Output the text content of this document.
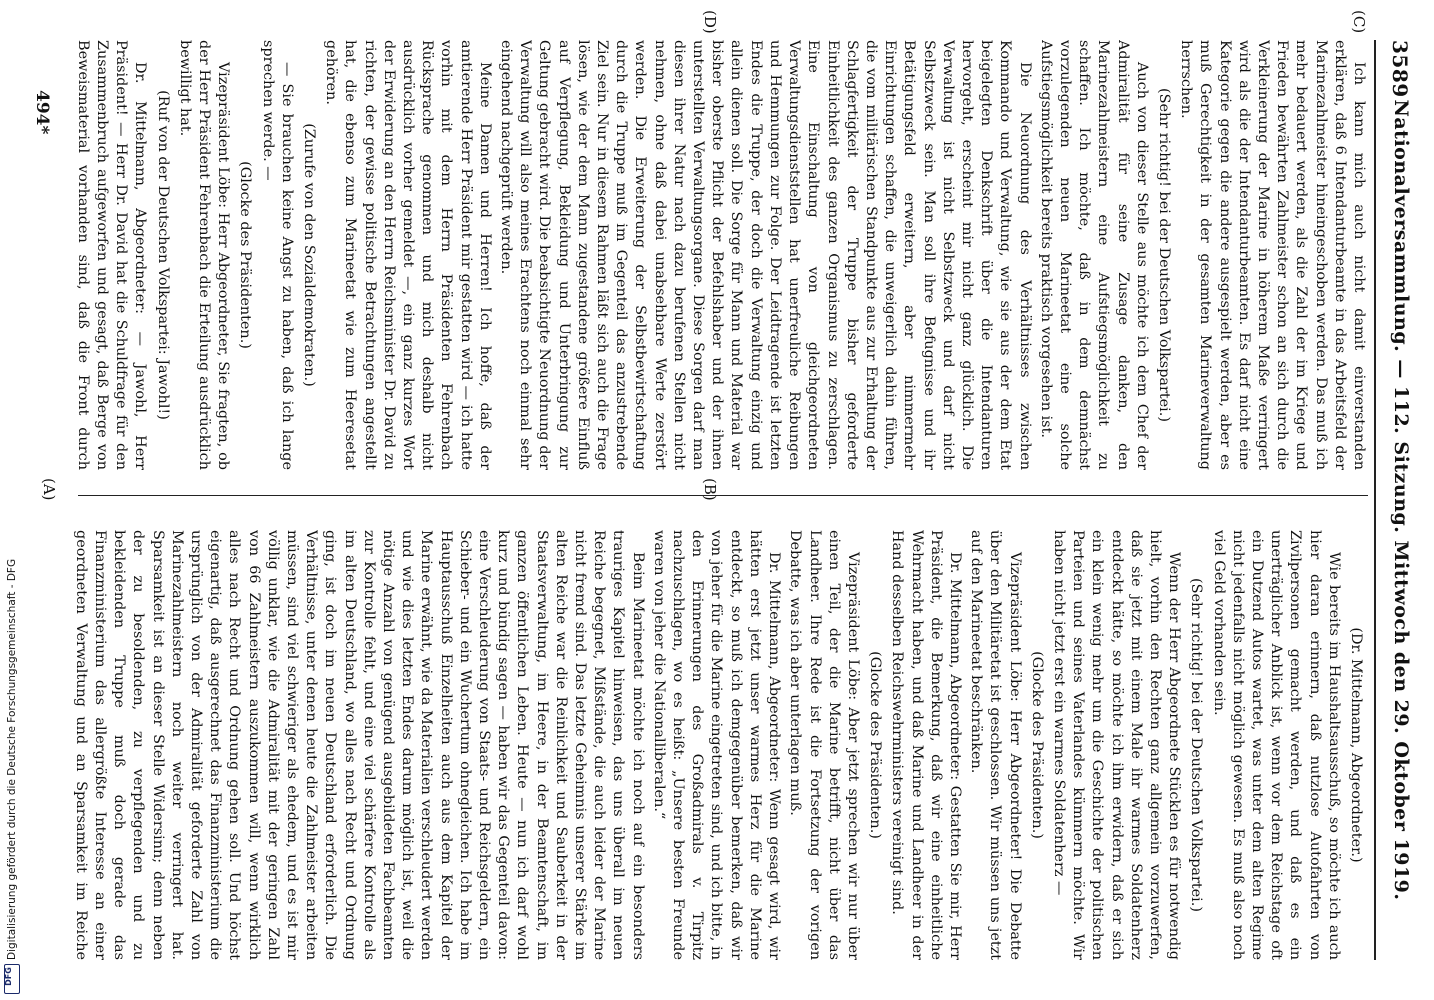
3589
Nationalversammlung. — 112. Sitzung. Mittwoch den 29. Oktober 1919.
(C)
(D)
(A)	(B)

Ich kann mich auch nicht damit einverstanden erklären, daß 6 Intendanturbeamte in das Arbeitsfeld der Marinezahlmeister hineingeschoben werden. Das muß ich mehr bedauert werden, als die Zahl der im Kriege und Frieden bewährten Zahlmeister schon an sich durch die Verkleinerung der Marine in höherem Maße verringert wird als die der Intendanturbeamten. Es darf nicht eine Kategorie gegen die andere ausgespielt werden, aber es muß Gerechtigkeit in der gesamten Marineverwaltung herrschen.

(Sehr richtig! bei der Deutschen Volkspartei.)

Auch von dieser Stelle aus möchte ich dem Chef der Admiralität für seine Zusage danken, den Marinezahlmeistern eine Aufstiegsmöglichkeit zu schaffen. Ich möchte, daß in dem demnächst vorzulegenden neuen Marineetat eine solche Aufstiegsmöglichkeit bereits praktisch vorgesehen ist.

Die Neuordnung des Verhältnisses zwischen Kommando und Verwaltung, wie sie aus der dem Etat beigelegten Denkschrift über die Intendanturen hervorgeht, erscheint mir nicht ganz glücklich. Die Verwaltung ist nicht Selbstzweck und darf nicht Selbstzweck sein. Man soll ihre Befugnisse und ihr Betätigungsfeld erweitern, aber nimmermehr Einrichtungen schaffen, die unweigerlich dahin führen, die vom militärischen Standpunkte aus zur Erhaltung der Schlagfertigkeit der Truppe bisher geforderte Einheitlichkeit des ganzen Organismus zu zerschlagen. Eine Einschaltung von gleichgeordneten Verwaltungsdienststellen hat unerfreuliche Reibungen und Hemmungen zur Folge. Der Leidtragende ist letzten Endes die Truppe, der doch die Verwaltung einzig und allein dienen soll. Die Sorge für Mann und Material war bisher oberste Pflicht der Befehlshaber und der ihnen unterstellten Verwaltungsorgane. Diese Sorgen darf man diesen ihrer Natur nach dazu berufenen Stellen nicht nehmen, ohne daß dabei unabsehbare Werte zerstört werden. Die Erweiterung der Selbstbewirtschaftung durch die Truppe muß im Gegenteil das anzustrebende Ziel sein. Nur in diesem Rahmen läßt sich auch die Frage lösen, wie der dem Mann zugestandene größere Einfluß auf Verpflegung, Bekleidung und Unterbringung zur Geltung gebracht wird. Die beabsichtigte Neuordnung der Verwaltung will also meines Erachtens noch einmal sehr eingehend nachgeprüft werden.

Meine Damen und Herren! Ich hoffe, daß der amtierende Herr Präsident mir gestatten wird — ich hatte vorhin mit dem Herrn Präsidenten Fehrenbach Rücksprache genommen und mich deshalb nicht ausdrücklich vorher gemeldet —, ein ganz kurzes Wort der Erwiderung an den Herrn Reichsminister Dr. David zu richten, der gewisse politische Betrachtungen angestellt hat, die ebenso zum Marineetat wie zum Heeresetat gehören.

(Zurufe von den Sozialdemokraten.)

— Sie brauchen keine Angst zu haben, daß ich lange sprechen werde. —

(Glocke des Präsidenten.)

Vizepräsident Löbe: Herr Abgeordneter, Sie fragten, ob der Herr Präsident Fehrenbach die Erteilung ausdrücklich bewilligt hat.

(Ruf von der Deutschen Volkspartei: Jawohl!)

Dr. Mittelmann, Abgeordneter: — Jawohl, Herr Präsident! — Herr Dr. David hat die Schuldfrage für den Zusammenbruch aufgeworfen und gesagt, daß Berge von Beweismaterial vorhanden sind, daß die Front durch

(Dr. Mittelmann, Abgeordneter.)

Wie bereits im Haushaltsausschuß, so möchte ich auch hier daran erinnern, daß nutzlose Autofahrten von Zivilpersonen gemacht werden, und daß es ein unerträglicher Anblick ist, wenn vor dem Reichstage oft ein Dutzend Autos wartet, was unter dem alten Regime nicht jedenfalls nicht möglich gewesen. Es muß also noch viel Geld vorhanden sein.

(Sehr richtig! bei der Deutschen Volkspartei.)

Wenn der Herr Abgeordnete Stücklen es für notwendig hielt, vorhin den Rechten ganz allgemein vorzuwerfen, daß sie jetzt mit einem Male ihr warmes Soldatenherz entdeckt hätte, so möchte ich ihm erwidern, daß er sich ein klein wenig mehr um die Geschichte der politischen Parteien und seines Vaterlandes kümmern möchte. Wir haben nicht jetzt erst ein warmes Soldatenherz —

(Glocke des Präsidenten.)

Vizepräsident Löbe: Herr Abgeordneter! Die Debatte über den Militäretat ist geschlossen. Wir müssen uns jetzt auf den Marineetat beschränken.

Dr. Mittelmann, Abgeordneter: Gestatten Sie mir, Herr Präsident, die Bemerkung, daß wir eine einheitliche Wehrmacht haben, und daß Marine und Landheer in der Hand desselben Reichswehrministers vereinigt sind.

(Glocke des Präsidenten.)

Vizepräsident Löbe: Aber jetzt sprechen wir nur über einen Teil, der die Marine betrifft, nicht über das Landheer. Ihre Rede ist die Fortsetzung der vorigen Debatte, was ich aber unterlagen muß.

Dr. Mittelmann, Abgeordneter: Wenn gesagt wird, wir hätten erst jetzt unser warmes Herz für die Marine entdeckt, so muß ich demgegenüber bemerken, daß wir von jeher für die Marine eingetreten sind, und ich bitte, in den Erinnerungen des Großadmirals v. Tirpitz nachzuschlagen, wo es heißt: „Unsere besten Freunde waren von jeher die Nationalliberalen.“

Beim Marineetat möchte ich noch auf ein besonders trauriges Kapitel hinweisen, das uns überall im neuen Reiche begegnet, Mißstände, die auch leider der Marine nicht fremd sind. Das letzte Geheimnis unserer Stärke im alten Reiche war die Reinlichkeit und Sauberkeit in der Staatsverwaltung, im Heere, in der Beamtenschaft, im ganzen öffentlichen Leben. Heute — nun ich darf wohl kurz und bündig sagen — haben wir das Gegenteil davon: eine Verschleuderung von Staats- und Reichsgeldern, ein Schieber- und ein Wuchertum ohnegleichen. Ich habe im Hauptausschuß Einzelheiten auch aus dem Kapitel der Marine erwähnt, wie da Materialien verschleudert werden und wie dies letzten Endes darum möglich ist, weil die nötige Anzahl von genügend ausgebildeten Fachbeamten zur Kontrolle fehlt, und eine viel schärfere Kontrolle als im alten Deutschland, wo alles nach Recht und Ordnung ging, ist doch im neuen Deutschland erforderlich. Die Verhältnisse, unter denen heute die Zahlmeister arbeiten müssen, sind viel schwieriger als ehedem, und es ist mir völlig unklar, wie die Admiralität mit der geringen Zahl von 66 Zahlmeistern auszukommen will, wenn wirklich alles nach Recht und Ordnung gehen soll. Und höchst eigenartig, daß ausgerechnet das Finanzministerium die ursprünglich von der Admiralität geforderte Zahl von Marinezahlmeistern noch weiter verringert hat. Sparsamkeit ist an dieser Stelle Widersinn; denn neben der zu besoldenden, zu verpflegenden und zu bekleidenden Truppe muß doch gerade das Finanzministerium das allergrößte Interesse an einer geordneten Verwaltung und an Sparsamkeit im Reiche

494*
Digitalisierung gefördert durch die Deutsche Forschungsgemeinschaft - DFG
DFG
